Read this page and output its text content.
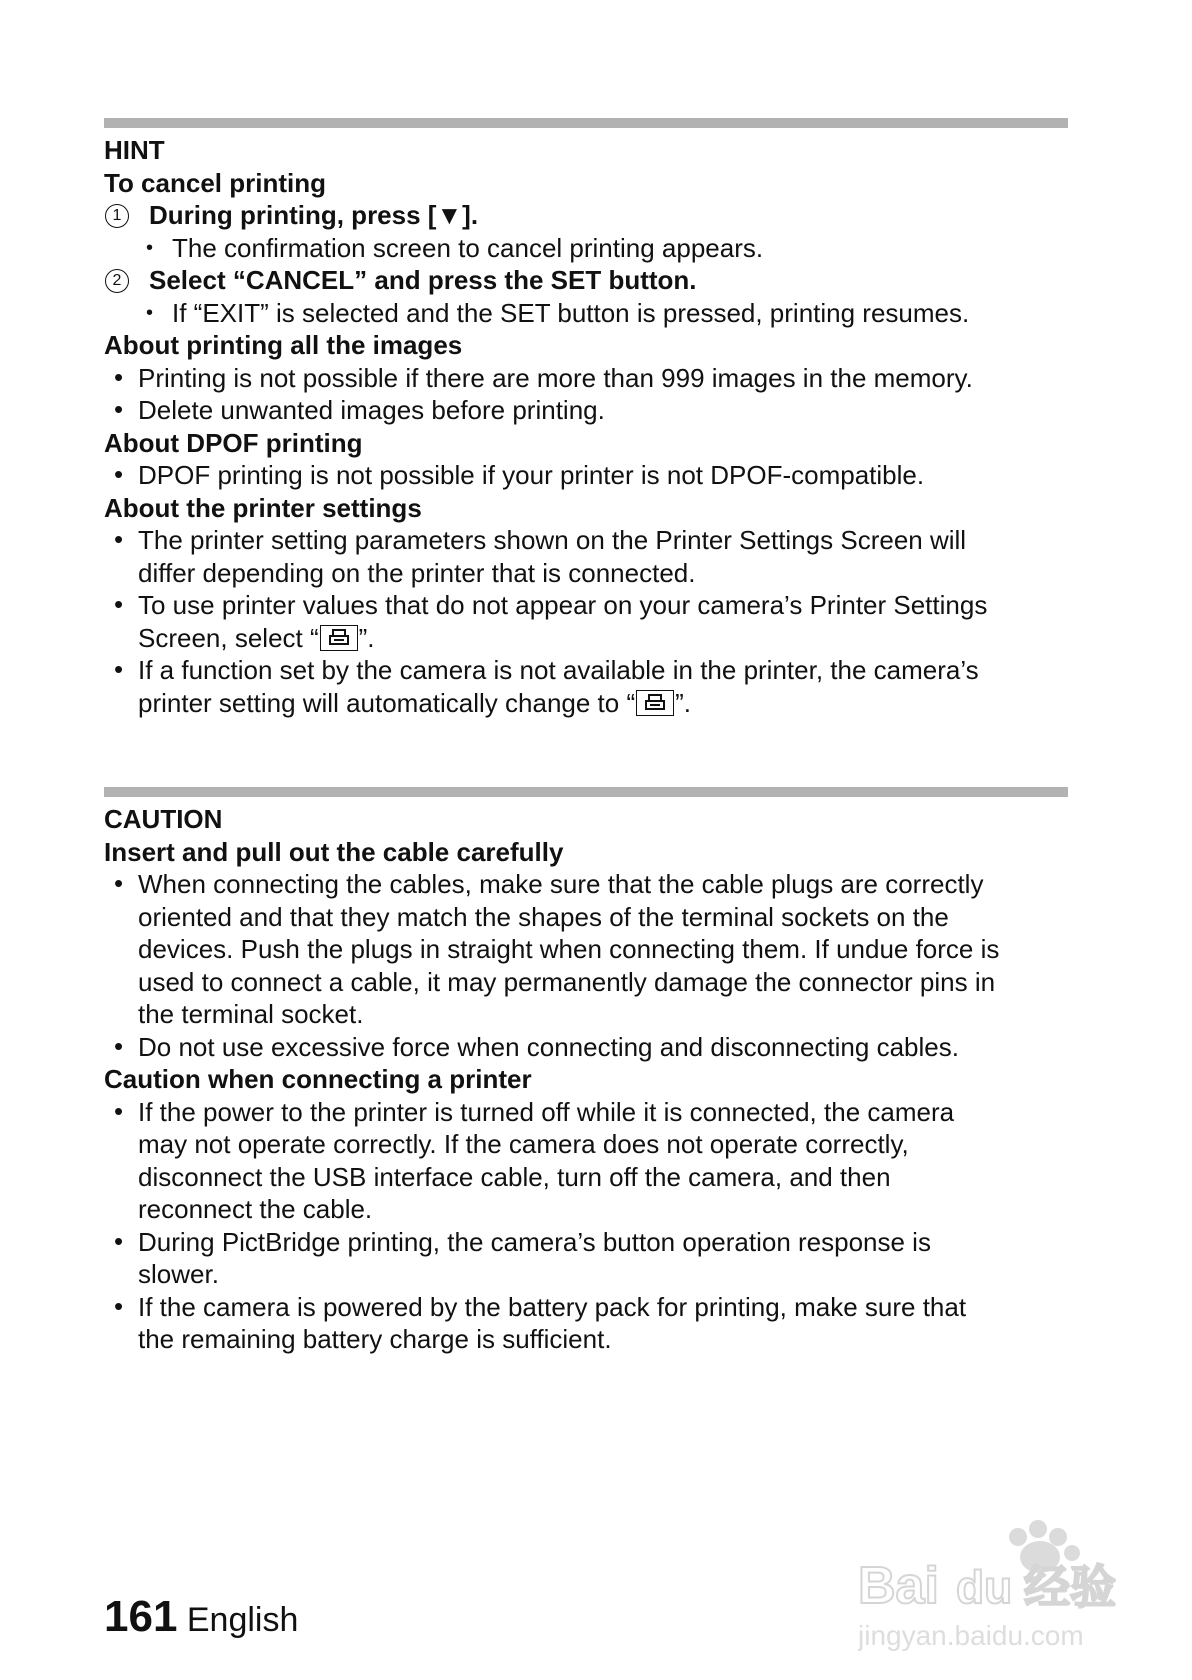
HINT
To cancel printing
1 During printing, press [▼].
• The confirmation screen to cancel printing appears.
2 Select “CANCEL” and press the SET button.
• If “EXIT” is selected and the SET button is pressed, printing resumes.
About printing all the images
• Printing is not possible if there are more than 999 images in the memory.
• Delete unwanted images before printing.
About DPOF printing
• DPOF printing is not possible if your printer is not DPOF-compatible.
About the printer settings
• The printer setting parameters shown on the Printer Settings Screen will
differ depending on the printer that is connected.
• To use printer values that do not appear on your camera’s Printer Settings
Screen, select “ ”.
• If a function set by the camera is not available in the printer, the camera’s
printer setting will automatically change to “ ”.
CAUTION
Insert and pull out the cable carefully
• When connecting the cables, make sure that the cable plugs are correctly
oriented and that they match the shapes of the terminal sockets on the
devices. Push the plugs in straight when connecting them. If undue force is
used to connect a cable, it may permanently damage the connector pins in
the terminal socket.
• Do not use excessive force when connecting and disconnecting cables.
Caution when connecting a printer
• If the power to the printer is turned off while it is connected, the camera
may not operate correctly. If the camera does not operate correctly,
disconnect the USB interface cable, turn off the camera, and then
reconnect the cable.
• During PictBridge printing, the camera’s button operation response is
slower.
• If the camera is powered by the battery pack for printing, make sure that
the remaining battery charge is sufficient.
161 English
Bai du 经验
jingyan.baidu.com
